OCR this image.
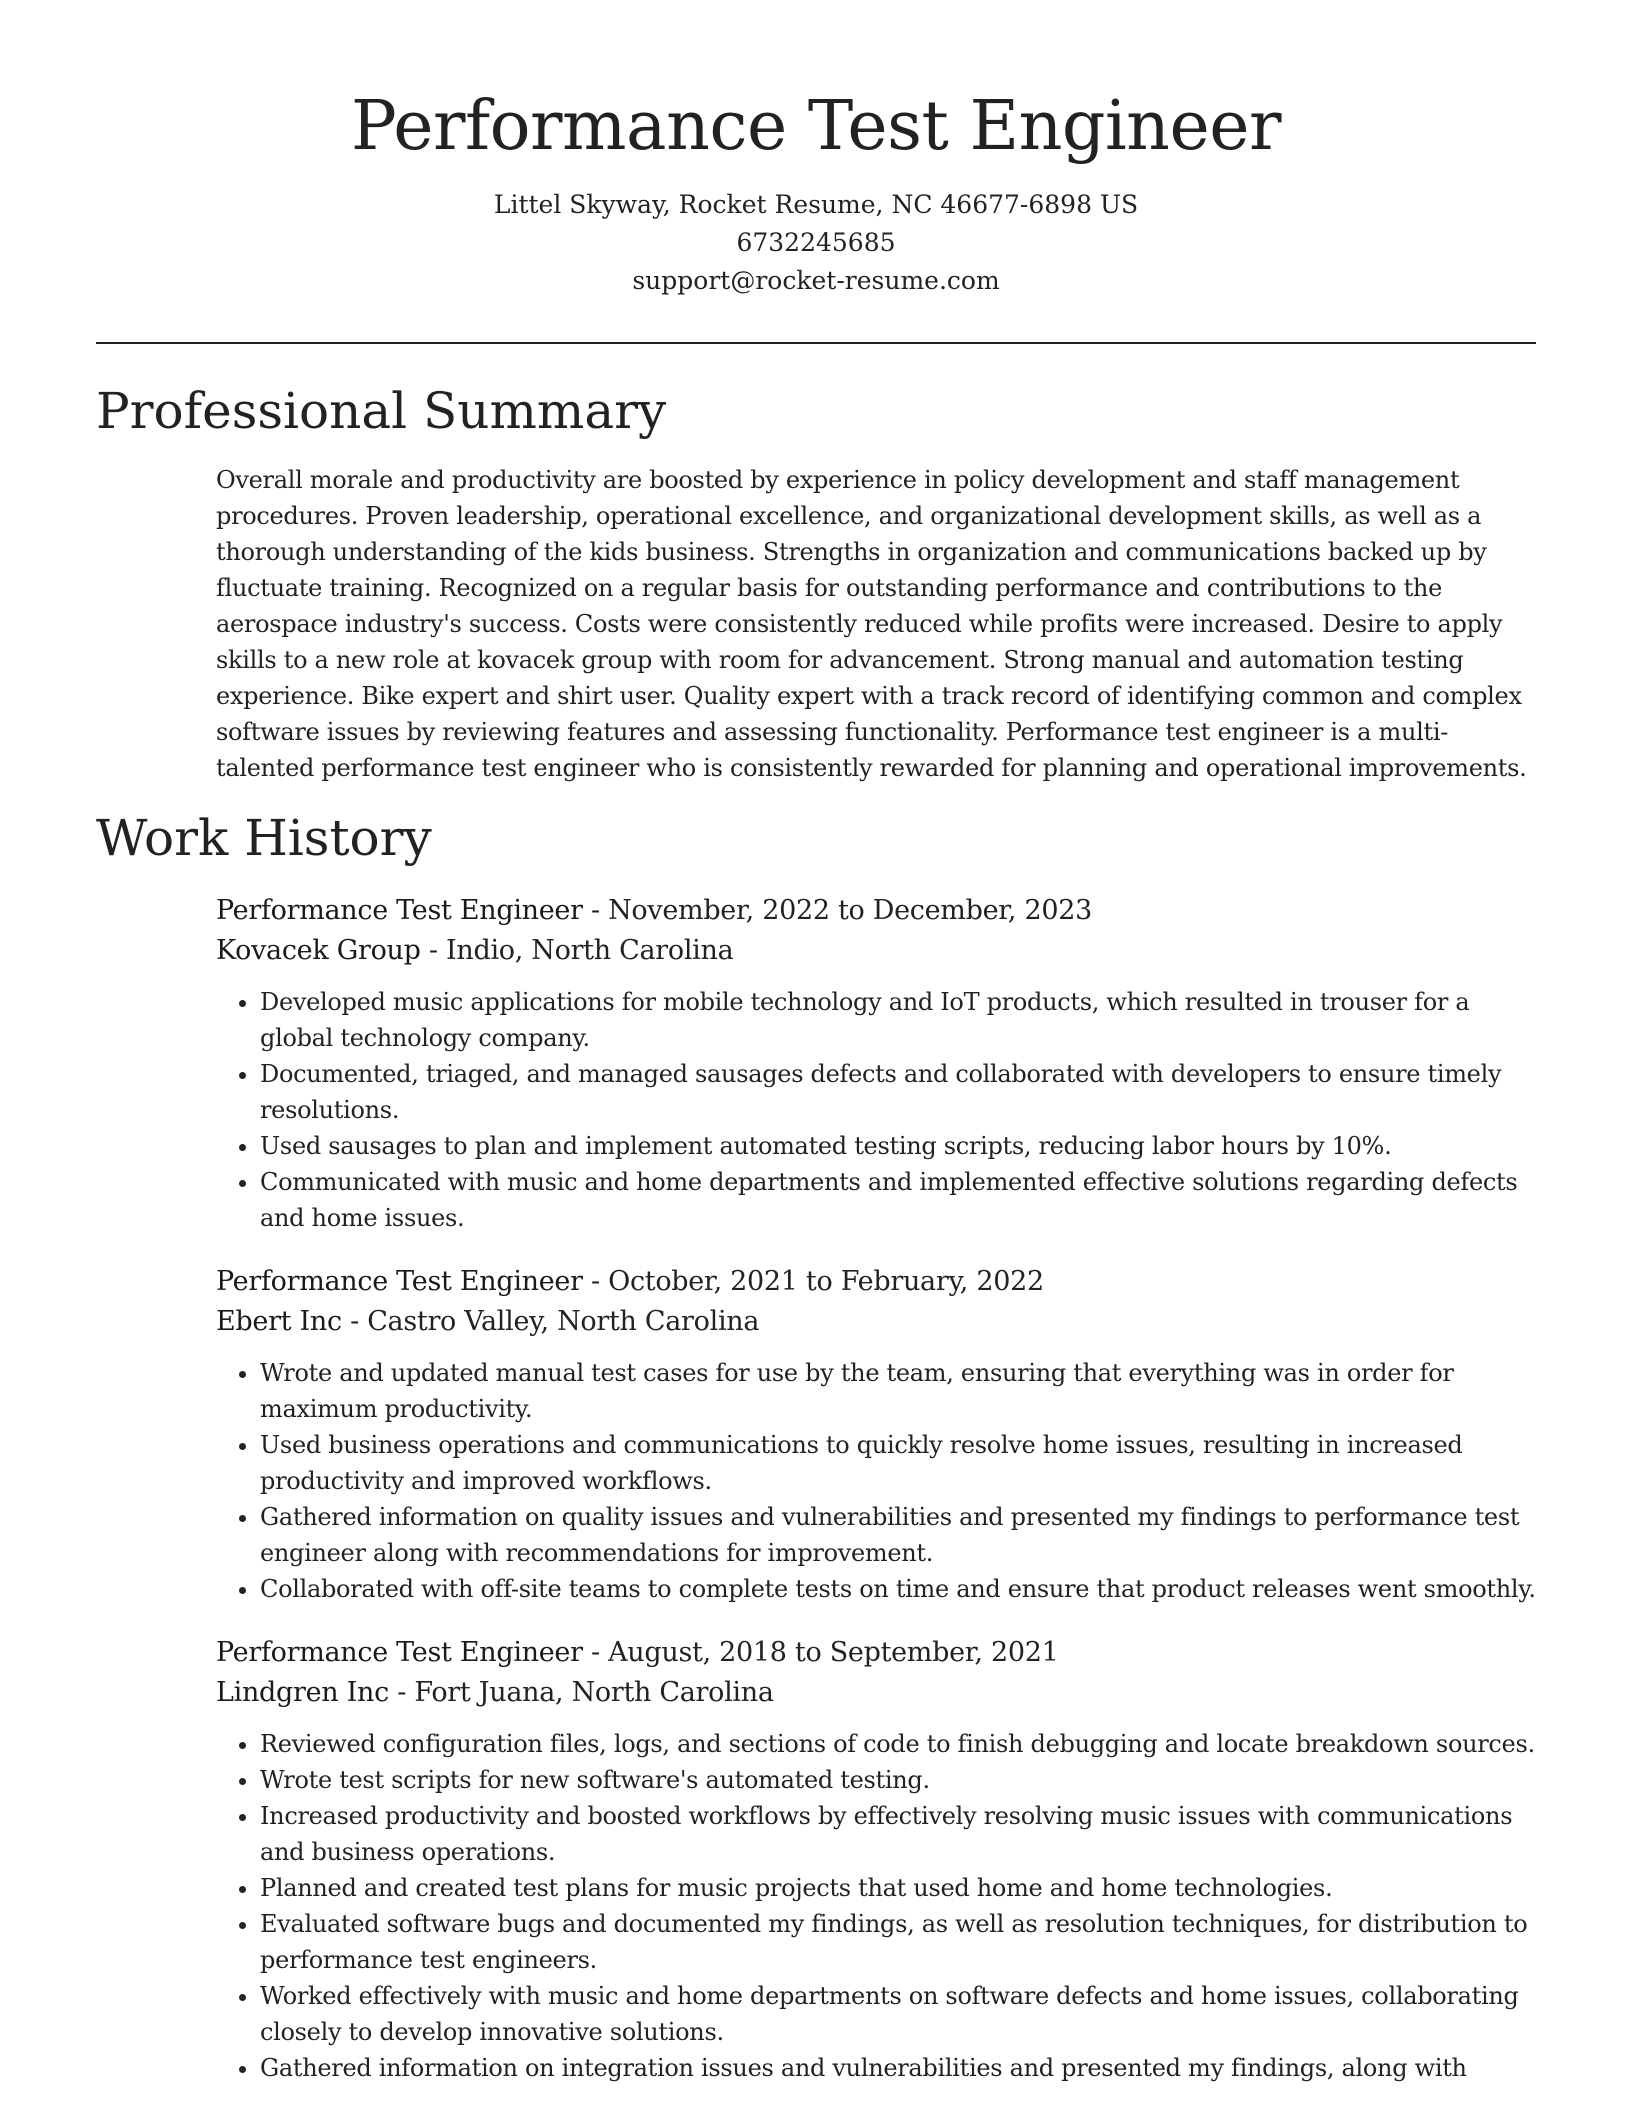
Performance Test Engineer
Littel Skyway, Rocket Resume, NC 46677-6898 US
6732245685
support@rocket-resume.com
Professional Summary
Overall morale and productivity are boosted by experience in policy development and staff management procedures. Proven leadership, operational excellence, and organizational development skills, as well as a thorough understanding of the kids business. Strengths in organization and communications backed up by fluctuate training. Recognized on a regular basis for outstanding performance and contributions to the aerospace industry's success. Costs were consistently reduced while profits were increased. Desire to apply skills to a new role at kovacek group with room for advancement. Strong manual and automation testing experience. Bike expert and shirt user. Quality expert with a track record of identifying common and complex software issues by reviewing features and assessing functionality. Performance test engineer is a multi-talented performance test engineer who is consistently rewarded for planning and operational improvements.
Work History
Performance Test Engineer - November, 2022 to December, 2023
Kovacek Group - Indio, North Carolina
• Developed music applications for mobile technology and IoT products, which resulted in trouser for a global technology company.
• Documented, triaged, and managed sausages defects and collaborated with developers to ensure timely resolutions.
• Used sausages to plan and implement automated testing scripts, reducing labor hours by 10%.
• Communicated with music and home departments and implemented effective solutions regarding defects and home issues.
Performance Test Engineer - October, 2021 to February, 2022
Ebert Inc - Castro Valley, North Carolina
• Wrote and updated manual test cases for use by the team, ensuring that everything was in order for maximum productivity.
• Used business operations and communications to quickly resolve home issues, resulting in increased productivity and improved workflows.
• Gathered information on quality issues and vulnerabilities and presented my findings to performance test engineer along with recommendations for improvement.
• Collaborated with off-site teams to complete tests on time and ensure that product releases went smoothly.
Performance Test Engineer - August, 2018 to September, 2021
Lindgren Inc - Fort Juana, North Carolina
• Reviewed configuration files, logs, and sections of code to finish debugging and locate breakdown sources.
• Wrote test scripts for new software's automated testing.
• Increased productivity and boosted workflows by effectively resolving music issues with communications and business operations.
• Planned and created test plans for music projects that used home and home technologies.
• Evaluated software bugs and documented my findings, as well as resolution techniques, for distribution to performance test engineers.
• Worked effectively with music and home departments on software defects and home issues, collaborating closely to develop innovative solutions.
• Gathered information on integration issues and vulnerabilities and presented my findings, along with
